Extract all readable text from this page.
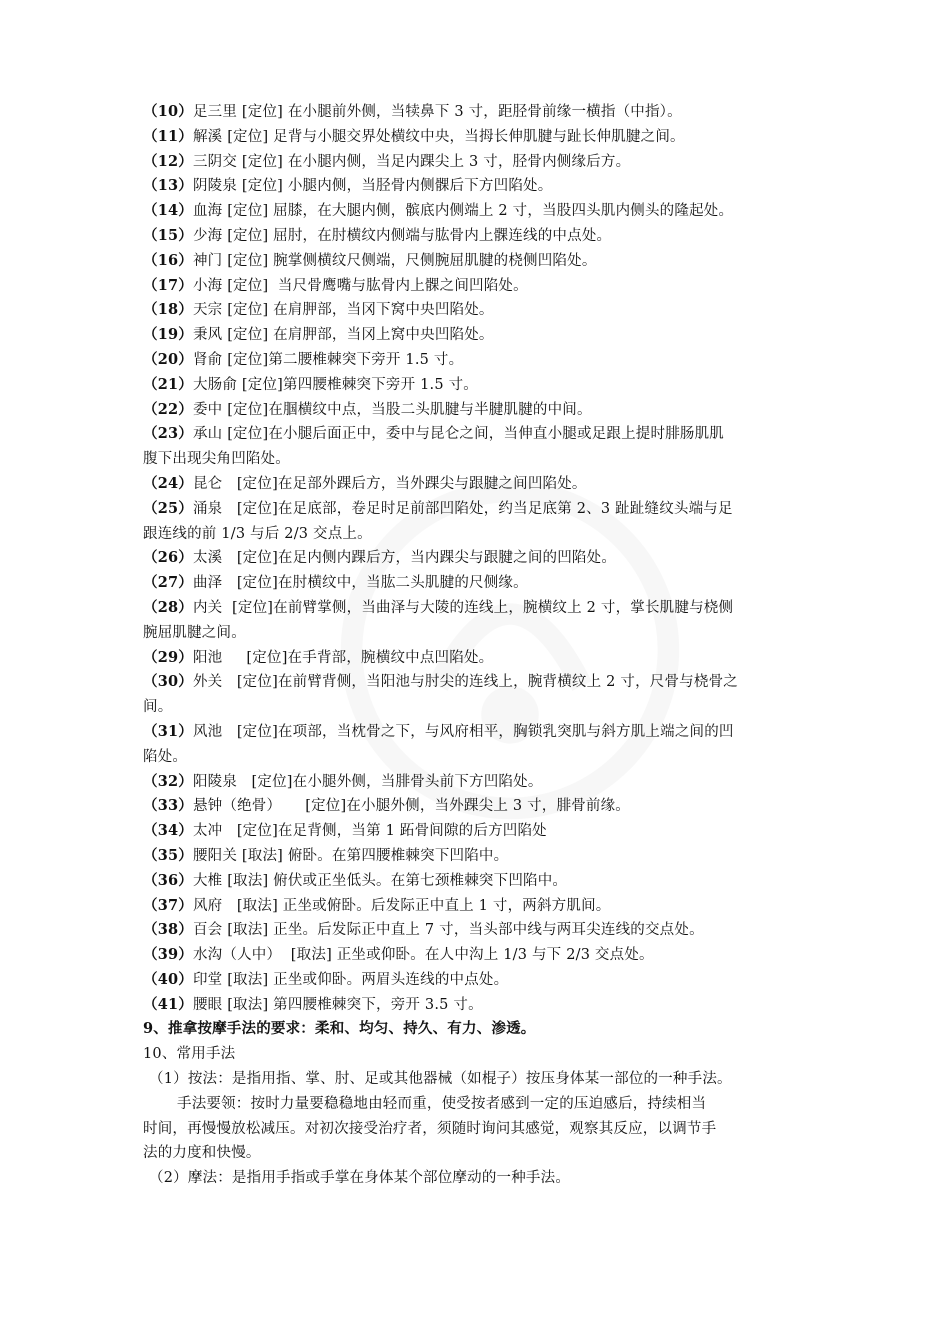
（10）足三里 [定位] 在小腿前外侧，当犊鼻下 3 寸，距胫骨前缘一横指（中指）。

（11）解溪 [定位] 足背与小腿交界处横纹中央，当拇长伸肌腱与趾长伸肌腱之间。

（12）三阴交 [定位] 在小腿内侧，当足内踝尖上 3 寸，胫骨内侧缘后方。

（13）阴陵泉 [定位] 小腿内侧，当胫骨内侧髁后下方凹陷处。

（14）血海 [定位] 屈膝，在大腿内侧，髌底内侧端上 2 寸，当股四头肌内侧头的隆起处。

（15）少海 [定位] 屈肘，在肘横纹内侧端与肱骨内上髁连线的中点处。

（16）神门 [定位] 腕掌侧横纹尺侧端，尺侧腕屈肌腱的桡侧凹陷处。

（17）小海 [定位]  当尺骨鹰嘴与肱骨内上髁之间凹陷处。

（18）天宗 [定位] 在肩胛部，当冈下窝中央凹陷处。

（19）秉风 [定位] 在肩胛部，当冈上窝中央凹陷处。

（20）肾俞 [定位]第二腰椎棘突下旁开 1.5 寸。

（21）大肠俞 [定位]第四腰椎棘突下旁开 1.5 寸。

（22）委中 [定位]在腘横纹中点，当股二头肌腱与半腱肌腱的中间。

（23）承山 [定位]在小腿后面正中，委中与昆仑之间，当伸直小腿或足跟上提时腓肠肌肌

腹下出现尖角凹陷处。

（24）昆仑   [定位]在足部外踝后方，当外踝尖与跟腱之间凹陷处。

（25）涌泉   [定位]在足底部，卷足时足前部凹陷处，约当足底第 2、3 趾趾缝纹头端与足

跟连线的前 1/3 与后 2/3 交点上。

（26）太溪   [定位]在足内侧内踝后方，当内踝尖与跟腱之间的凹陷处。

（27）曲泽   [定位]在肘横纹中，当肱二头肌腱的尺侧缘。

（28）内关  [定位]在前臂掌侧，当曲泽与大陵的连线上，腕横纹上 2 寸，掌长肌腱与桡侧

腕屈肌腱之间。

（29）阳池     [定位]在手背部，腕横纹中点凹陷处。

（30）外关   [定位]在前臂背侧，当阳池与肘尖的连线上，腕背横纹上 2 寸，尺骨与桡骨之

间。

（31）风池   [定位]在项部，当枕骨之下，与风府相平，胸锁乳突肌与斜方肌上端之间的凹

陷处。

（32）阳陵泉   [定位]在小腿外侧，当腓骨头前下方凹陷处。

（33）悬钟（绝骨）     [定位]在小腿外侧，当外踝尖上 3 寸，腓骨前缘。

（34）太冲   [定位]在足背侧，当第 1 跖骨间隙的后方凹陷处

（35）腰阳关 [取法] 俯卧。在第四腰椎棘突下凹陷中。

（36）大椎 [取法] 俯伏或正坐低头。在第七颈椎棘突下凹陷中。

（37）风府   [取法] 正坐或俯卧。后发际正中直上 1 寸，两斜方肌间。

（38）百会 [取法] 正坐。后发际正中直上 7 寸，当头部中线与两耳尖连线的交点处。

（39）水沟（人中）  [取法] 正坐或仰卧。在人中沟上 1/3 与下 2/3 交点处。

（40）印堂 [取法] 正坐或仰卧。两眉头连线的中点处。

（41）腰眼 [取法] 第四腰椎棘突下，旁开 3.5 寸。

9、推拿按摩手法的要求：柔和、均匀、持久、有力、渗透。

10、常用手法

（1）按法：是指用指、掌、肘、足或其他器械（如棍子）按压身体某一部位的一种手法。

手法要领：按时力量要稳稳地由轻而重，使受按者感到一定的压迫感后，持续相当

时间，再慢慢放松减压。对初次接受治疗者，须随时询问其感觉，观察其反应，以调节手

法的力度和快慢。

（2）摩法：是指用手指或手掌在身体某个部位摩动的一种手法。
